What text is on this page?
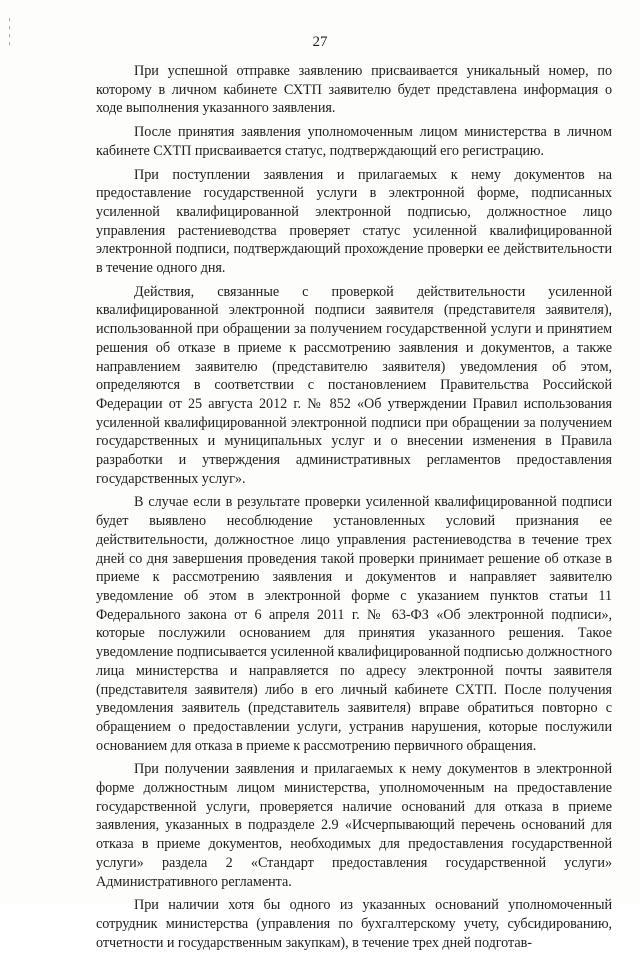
27

При успешной отправке заявлению присваивается уникальный номер, по которому в личном кабинете СХТП заявителю будет представлена информация о ходе выполнения указанного заявления.

После принятия заявления уполномоченным лицом министерства в личном кабинете СХТП присваивается статус, подтверждающий его регистрацию.

При поступлении заявления и прилагаемых к нему документов на предоставление государственной услуги в электронной форме, подписанных усиленной квалифицированной электронной подписью, должностное лицо управления растениеводства проверяет статус усиленной квалифицированной электронной подписи, подтверждающий прохождение проверки ее действительности в течение одного дня.

Действия, связанные с проверкой действительности усиленной квалифицированной электронной подписи заявителя (представителя заявителя), использованной при обращении за получением государственной услуги и принятием решения об отказе в приеме к рассмотрению заявления и документов, а также направлением заявителю (представителю заявителя) уведомления об этом, определяются в соответствии с постановлением Правительства Российской Федерации от 25 августа 2012 г. № 852 «Об утверждении Правил использования усиленной квалифицированной электронной подписи при обращении за получением государственных и муниципальных услуг и о внесении изменения в Правила разработки и утверждения административных регламентов предоставления государственных услуг».

В случае если в результате проверки усиленной квалифицированной подписи будет выявлено несоблюдение установленных условий признания ее действительности, должностное лицо управления растениеводства в течение трех дней со дня завершения проведения такой проверки принимает решение об отказе в приеме к рассмотрению заявления и документов и направляет заявителю уведомление об этом в электронной форме с указанием пунктов статьи 11 Федерального закона от 6 апреля 2011 г. № 63-ФЗ «Об электронной подписи», которые послужили основанием для принятия указанного решения. Такое уведомление подписывается усиленной квалифицированной подписью должностного лица министерства и направляется по адресу электронной почты заявителя (представителя заявителя) либо в его личный кабинете СХТП. После получения уведомления заявитель (представитель заявителя) вправе обратиться повторно с обращением о предоставлении услуги, устранив нарушения, которые послужили основанием для отказа в приеме к рассмотрению первичного обращения.

При получении заявления и прилагаемых к нему документов в электронной форме должностным лицом министерства, уполномоченным на предоставление государственной услуги, проверяется наличие оснований для отказа в приеме заявления, указанных в подразделе 2.9 «Исчерпывающий перечень оснований для отказа в приеме документов, необходимых для предоставления государственной услуги» раздела 2 «Стандарт предоставления государственной услуги» Административного регламента.

При наличии хотя бы одного из указанных оснований уполномоченный сотрудник министерства (управления по бухгалтерскому учету, субсидированию, отчетности и государственным закупкам), в течение трех дней подготав-
